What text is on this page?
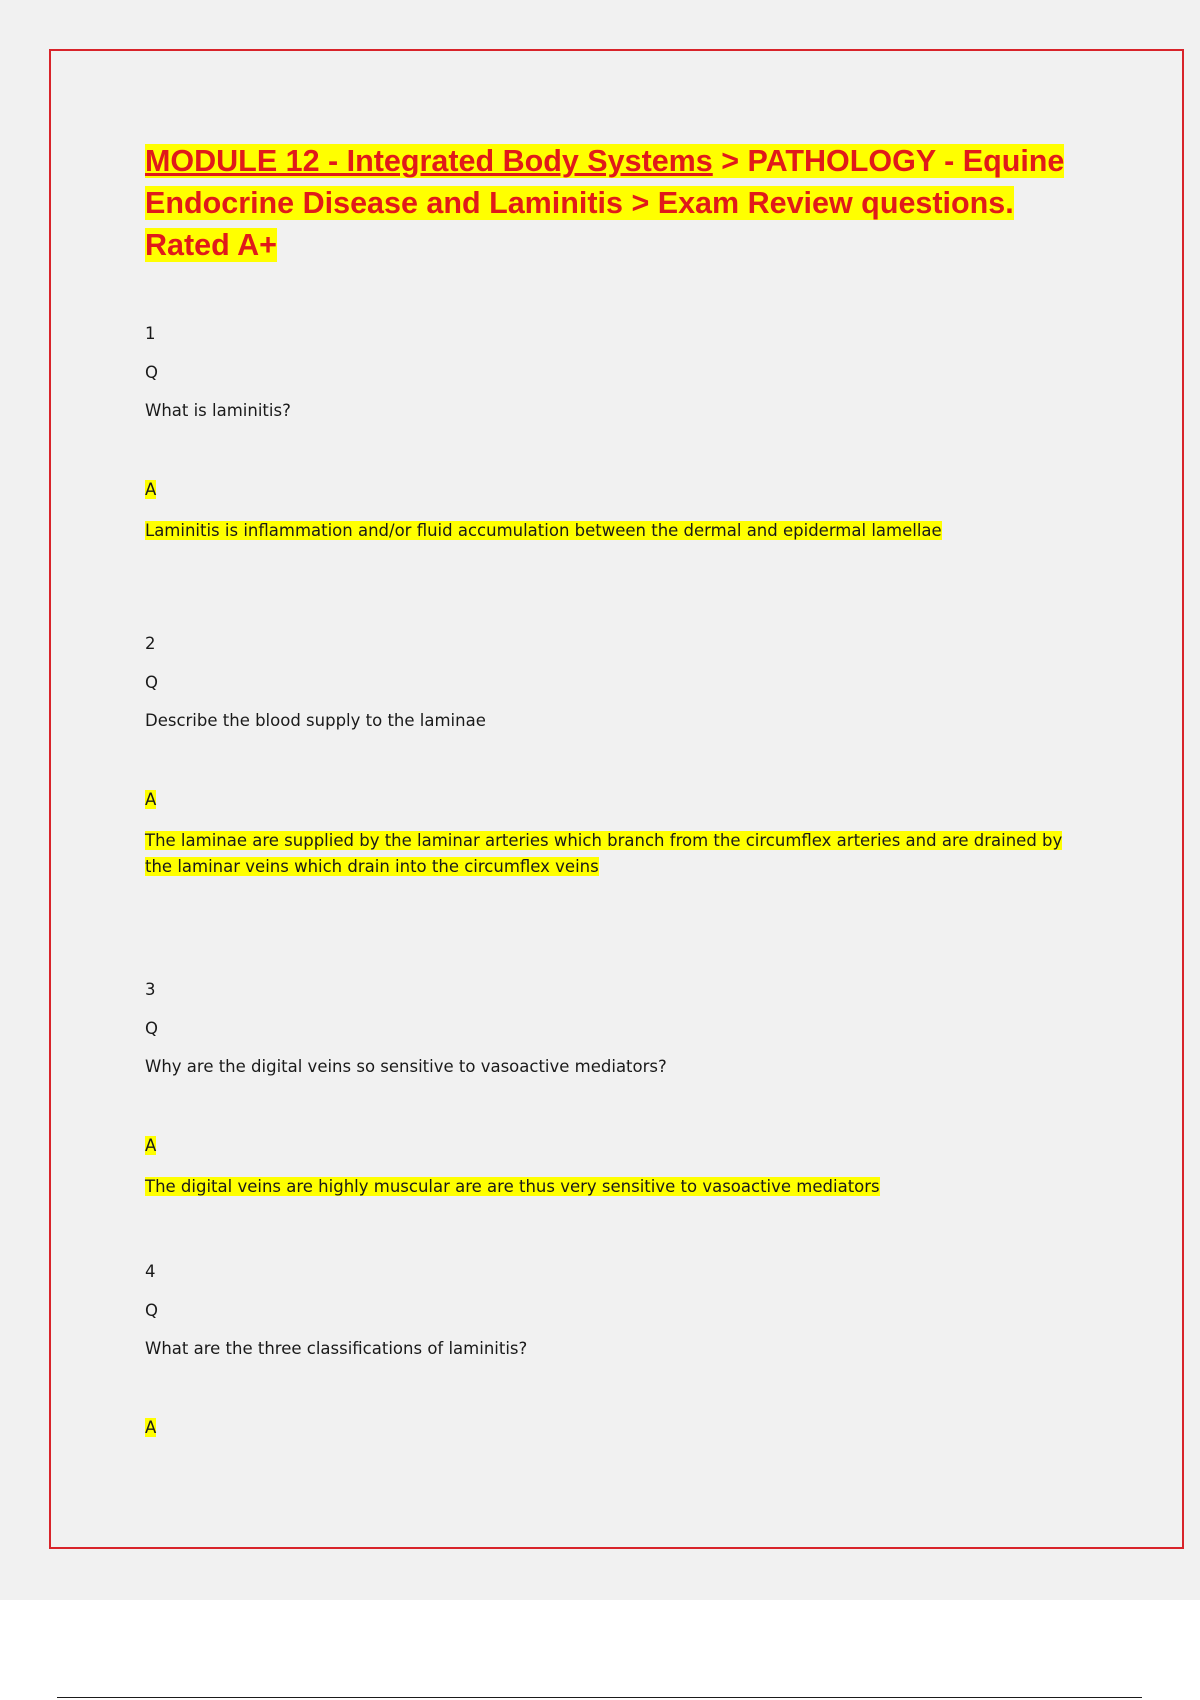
MODULE 12 - Integrated Body Systems > PATHOLOGY - Equine Endocrine Disease and Laminitis > Exam Review questions. Rated A+
1
Q
What is laminitis?
A
Laminitis is inflammation and/or fluid accumulation between the dermal and epidermal lamellae
2
Q
Describe the blood supply to the laminae
A
The laminae are supplied by the laminar arteries which branch from the circumflex arteries and are drained by the laminar veins which drain into the circumflex veins
3
Q
Why are the digital veins so sensitive to vasoactive mediators?
A
The digital veins are highly muscular are are thus very sensitive to vasoactive mediators
4
Q
What are the three classifications of laminitis?
A
